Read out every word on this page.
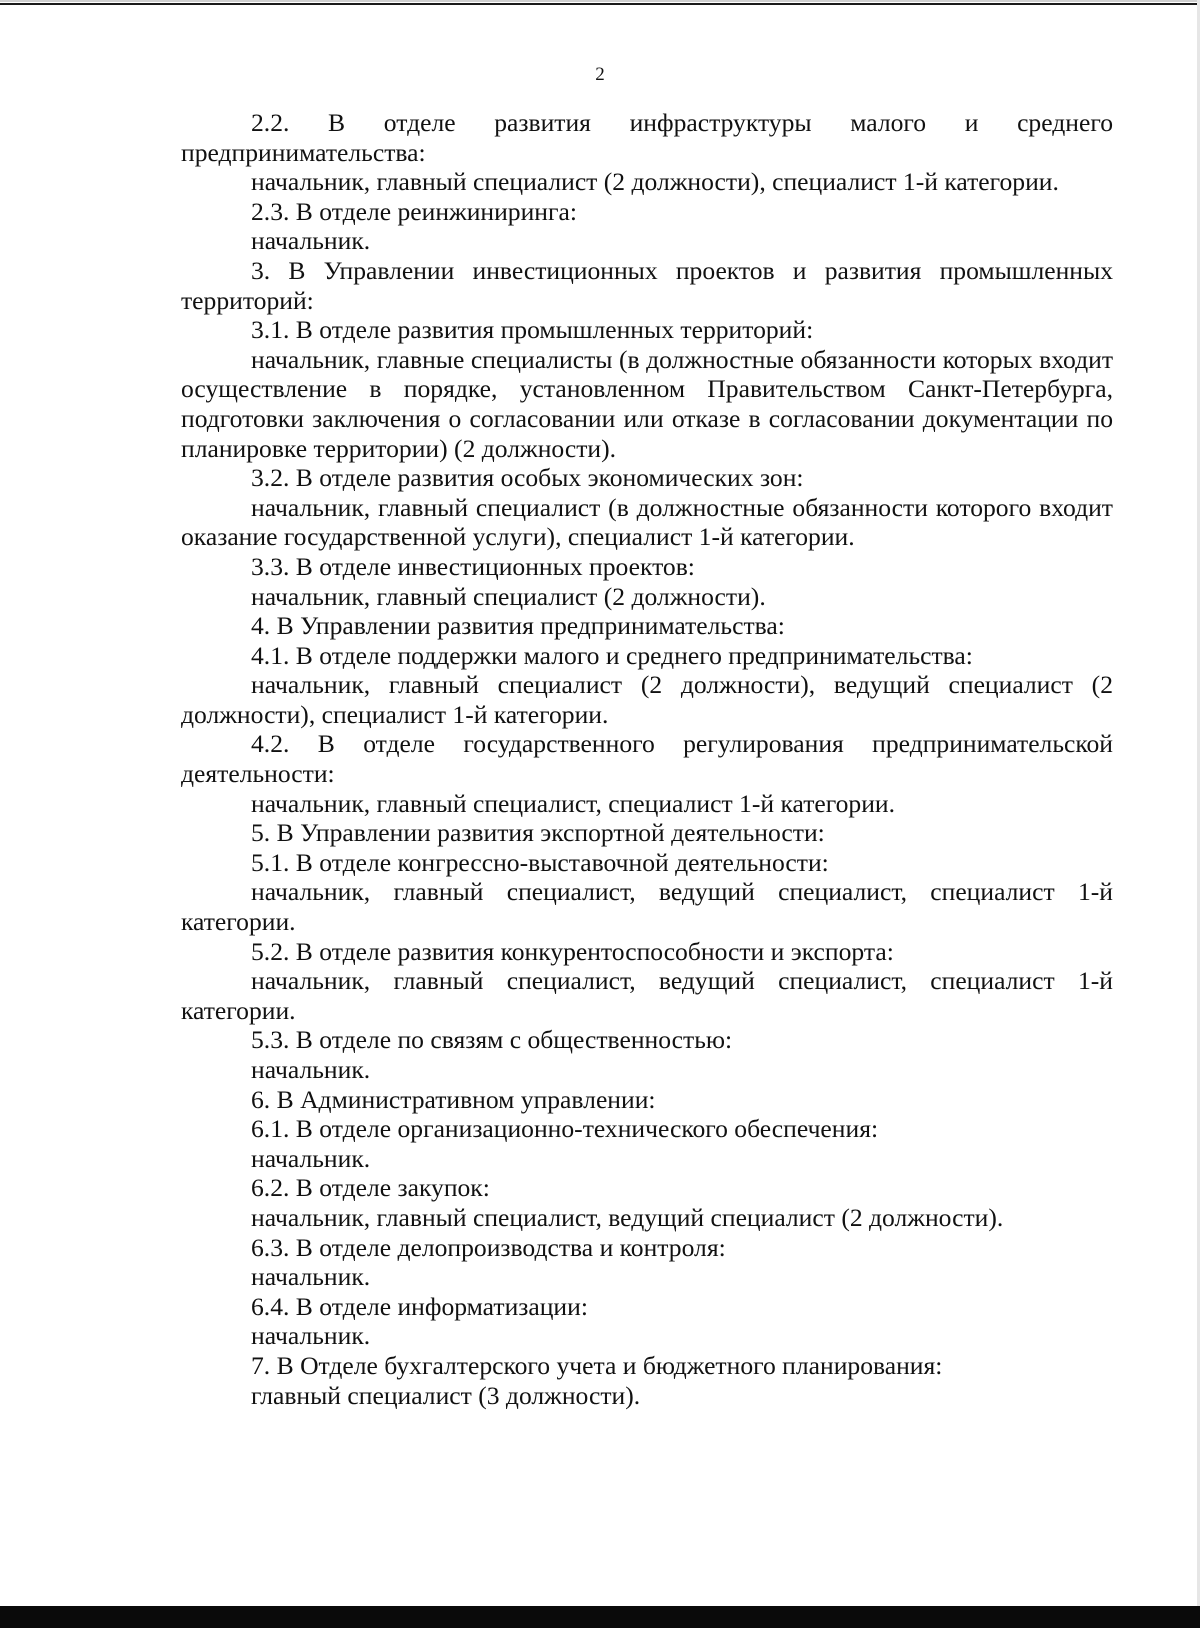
2

2.2. В отделе развития инфраструктуры малого и среднего предпринимательства:

начальник, главный специалист (2 должности), специалист 1-й категории.

2.3. В отделе реинжиниринга:

начальник.

3. В Управлении инвестиционных проектов и развития промышленных территорий:

3.1. В отделе развития промышленных территорий:

начальник, главные специалисты (в должностные обязанности которых входит осуществление в порядке, установленном Правительством Санкт-Петербурга, подготовки заключения о согласовании или отказе в согласовании документации по планировке территории) (2 должности).

3.2. В отделе развития особых экономических зон:

начальник, главный специалист (в должностные обязанности которого входит оказание государственной услуги), специалист 1-й категории.

3.3. В отделе инвестиционных проектов:

начальник, главный специалист (2 должности).

4. В Управлении развития предпринимательства:

4.1. В отделе поддержки малого и среднего предпринимательства:

начальник, главный специалист (2 должности), ведущий специалист (2 должности), специалист 1-й категории.

4.2. В отделе государственного регулирования предпринимательской деятельности:

начальник, главный специалист, специалист 1-й категории.

5. В Управлении развития экспортной деятельности:

5.1. В отделе конгрессно-выставочной деятельности:

начальник, главный специалист, ведущий специалист, специалист 1-й категории.

5.2. В отделе развития конкурентоспособности и экспорта:

начальник, главный специалист, ведущий специалист, специалист 1-й категории.

5.3. В отделе по связям с общественностью:

начальник.

6. В Административном управлении:

6.1. В отделе организационно-технического обеспечения:

начальник.

6.2. В отделе закупок:

начальник, главный специалист, ведущий специалист (2 должности).

6.3. В отделе делопроизводства и контроля:

начальник.

6.4. В отделе информатизации:

начальник.

7. В Отделе бухгалтерского учета и бюджетного планирования:

главный специалист (3 должности).
